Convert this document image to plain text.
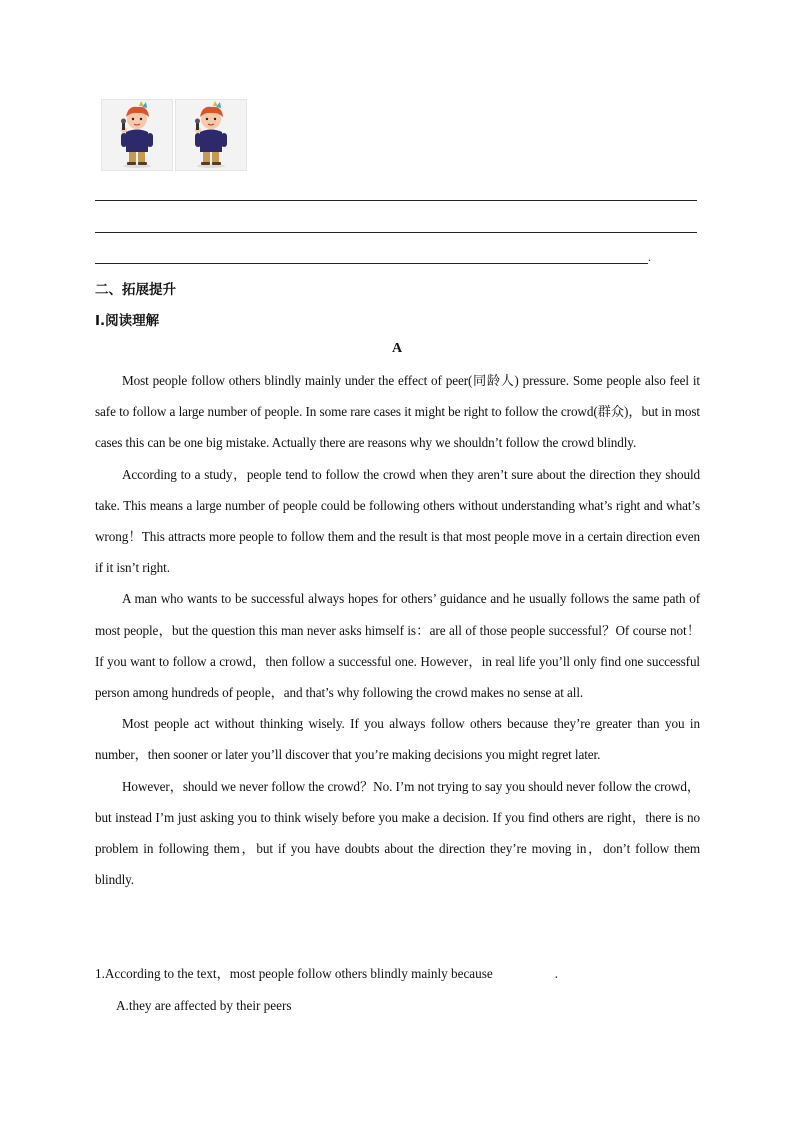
.
二、拓展提升
I.阅读理解
A

Most people follow others blindly mainly under the effect of peer(同龄人) pressure. Some people also feel it safe to follow a large number of people. In some rare cases it might be right to follow the crowd(群众)，but in most cases this can be one big mistake. Actually there are reasons why we shouldn’t follow the crowd blindly.

According to a study，people tend to follow the crowd when they aren’t sure about the direction they should take. This means a large number of people could be following others without understanding what’s right and what’s wrong！This attracts more people to follow them and the result is that most people move in a certain direction even if it isn’t right.

A man who wants to be successful always hopes for others’ guidance and he usually follows the same path of most people，but the question this man never asks himself is：are all of those people successful？Of course not！If you want to follow a crowd，then follow a successful one. However，in real life you’ll only find one successful person among hundreds of people，and that’s why following the crowd makes no sense at all.

Most people act without thinking wisely. If you always follow others because they’re greater than you in number，then sooner or later you’ll discover that you’re making decisions you might regret later.

However，should we never follow the crowd？No. I’m not trying to say you should never follow the crowd，but instead I’m just asking you to think wisely before you make a decision. If you find others are right，there is no problem in following them，but if you have doubts about the direction they’re moving in，don’t follow them blindly.

1.According to the text，most people follow others blindly mainly because	.
A.they are affected by their peers
